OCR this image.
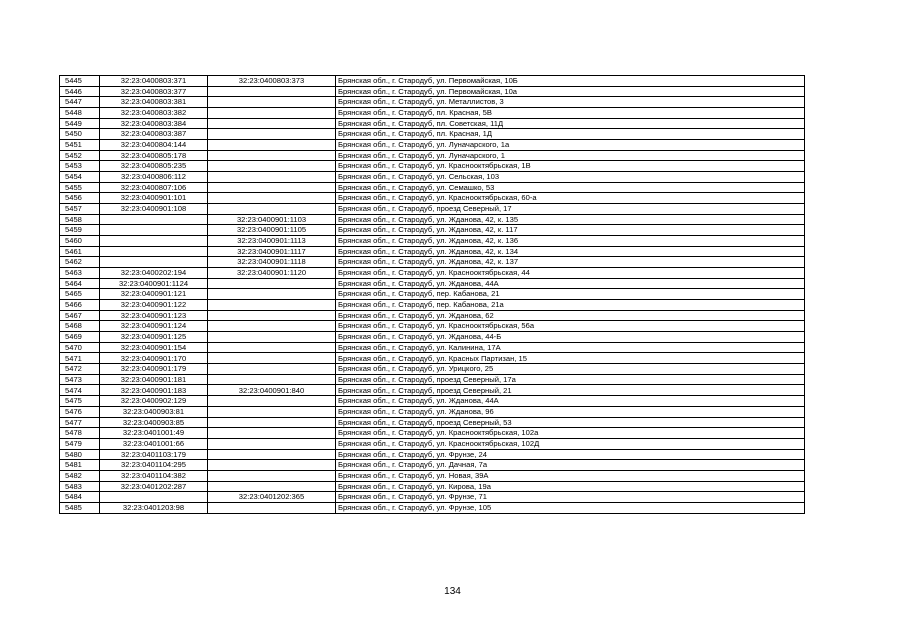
5445	32:23:0400803:371	32:23:0400803:373	Брянская обл., г. Стародуб, ул. Первомайская, 10Б
5446	32:23:0400803:377		Брянская обл., г. Стародуб, ул. Первомайская, 10а
5447	32:23:0400803:381		Брянская обл., г. Стародуб, ул. Металлистов, 3
5448	32:23:0400803:382		Брянская обл., г. Стародуб, пл. Красная, 5В
5449	32:23:0400803:384		Брянская обл., г. Стародуб, пл. Советская, 11Д
5450	32:23:0400803:387		Брянская обл., г. Стародуб, пл. Красная, 1Д
5451	32:23:0400804:144		Брянская обл., г. Стародуб, ул. Луначарского, 1а
5452	32:23:0400805:178		Брянская обл., г. Стародуб, ул. Луначарского, 1
5453	32:23:0400805:235		Брянская обл., г. Стародуб, ул. Краснооктябрьская, 1В
5454	32:23:0400806:112		Брянская обл., г. Стародуб, ул. Сельская, 103
5455	32:23:0400807:106		Брянская обл., г. Стародуб, ул. Семашко, 53
5456	32:23:0400901:101		Брянская обл., г. Стародуб, ул. Краснооктябрьская, 60-а
5457	32:23:0400901:108		Брянская обл., г. Стародуб, проезд Северный, 17
5458		32:23:0400901:1103	Брянская обл., г. Стародуб, ул. Жданова, 42, к. 135
5459		32:23:0400901:1105	Брянская обл., г. Стародуб, ул. Жданова, 42, к. 117
5460		32:23:0400901:1113	Брянская обл., г. Стародуб, ул. Жданова, 42, к. 136
5461		32:23:0400901:1117	Брянская обл., г. Стародуб, ул. Жданова, 42, к. 134
5462		32:23:0400901:1118	Брянская обл., г. Стародуб, ул. Жданова, 42, к. 137
5463	32:23:0400202:194	32:23:0400901:1120	Брянская обл., г. Стародуб, ул. Краснооктябрьская, 44
5464	32:23:0400901:1124		Брянская обл., г. Стародуб, ул. Жданова, 44А
5465	32:23:0400901:121		Брянская обл., г. Стародуб, пер. Кабанова, 21
5466	32:23:0400901:122		Брянская обл., г. Стародуб, пер. Кабанова, 21а
5467	32:23:0400901:123		Брянская обл., г. Стародуб, ул. Жданова, 62
5468	32:23:0400901:124		Брянская обл., г. Стародуб, ул. Краснооктябрьская, 56а
5469	32:23:0400901:125		Брянская обл., г. Стародуб, ул. Жданова, 44-Б
5470	32:23:0400901:154		Брянская обл., г. Стародуб, ул. Калинина, 17А
5471	32:23:0400901:170		Брянская обл., г. Стародуб, ул. Красных Партизан, 15
5472	32:23:0400901:179		Брянская обл., г. Стародуб, ул. Урицкого, 25
5473	32:23:0400901:181		Брянская обл., г. Стародуб, проезд Северный, 17а
5474	32:23:0400901:183	32:23:0400901:840	Брянская обл., г. Стародуб, проезд Северный, 21
5475	32:23:0400902:129		Брянская обл., г. Стародуб, ул. Жданова, 44А
5476	32:23:0400903:81		Брянская обл., г. Стародуб, ул. Жданова, 96
5477	32:23:0400903:85		Брянская обл., г. Стародуб, проезд Северный, 53
5478	32:23:0401001:49		Брянская обл., г. Стародуб, ул. Краснооктябрьская, 102а
5479	32:23:0401001:66		Брянская обл., г. Стародуб, ул. Краснооктябрьская, 102Д
5480	32:23:0401103:179		Брянская обл., г. Стародуб, ул. Фрунзе, 24
5481	32:23:0401104:295		Брянская обл., г. Стародуб, ул. Дачная, 7а
5482	32:23:0401104:382		Брянская обл., г. Стародуб, ул. Новая, 39А
5483	32:23:0401202:287		Брянская обл., г. Стародуб, ул. Кирова, 19а
5484		32:23:0401202:365	Брянская обл., г. Стародуб, ул. Фрунзе, 71
5485	32:23:0401203:98		Брянская обл., г. Стародуб, ул. Фрунзе, 105
134
